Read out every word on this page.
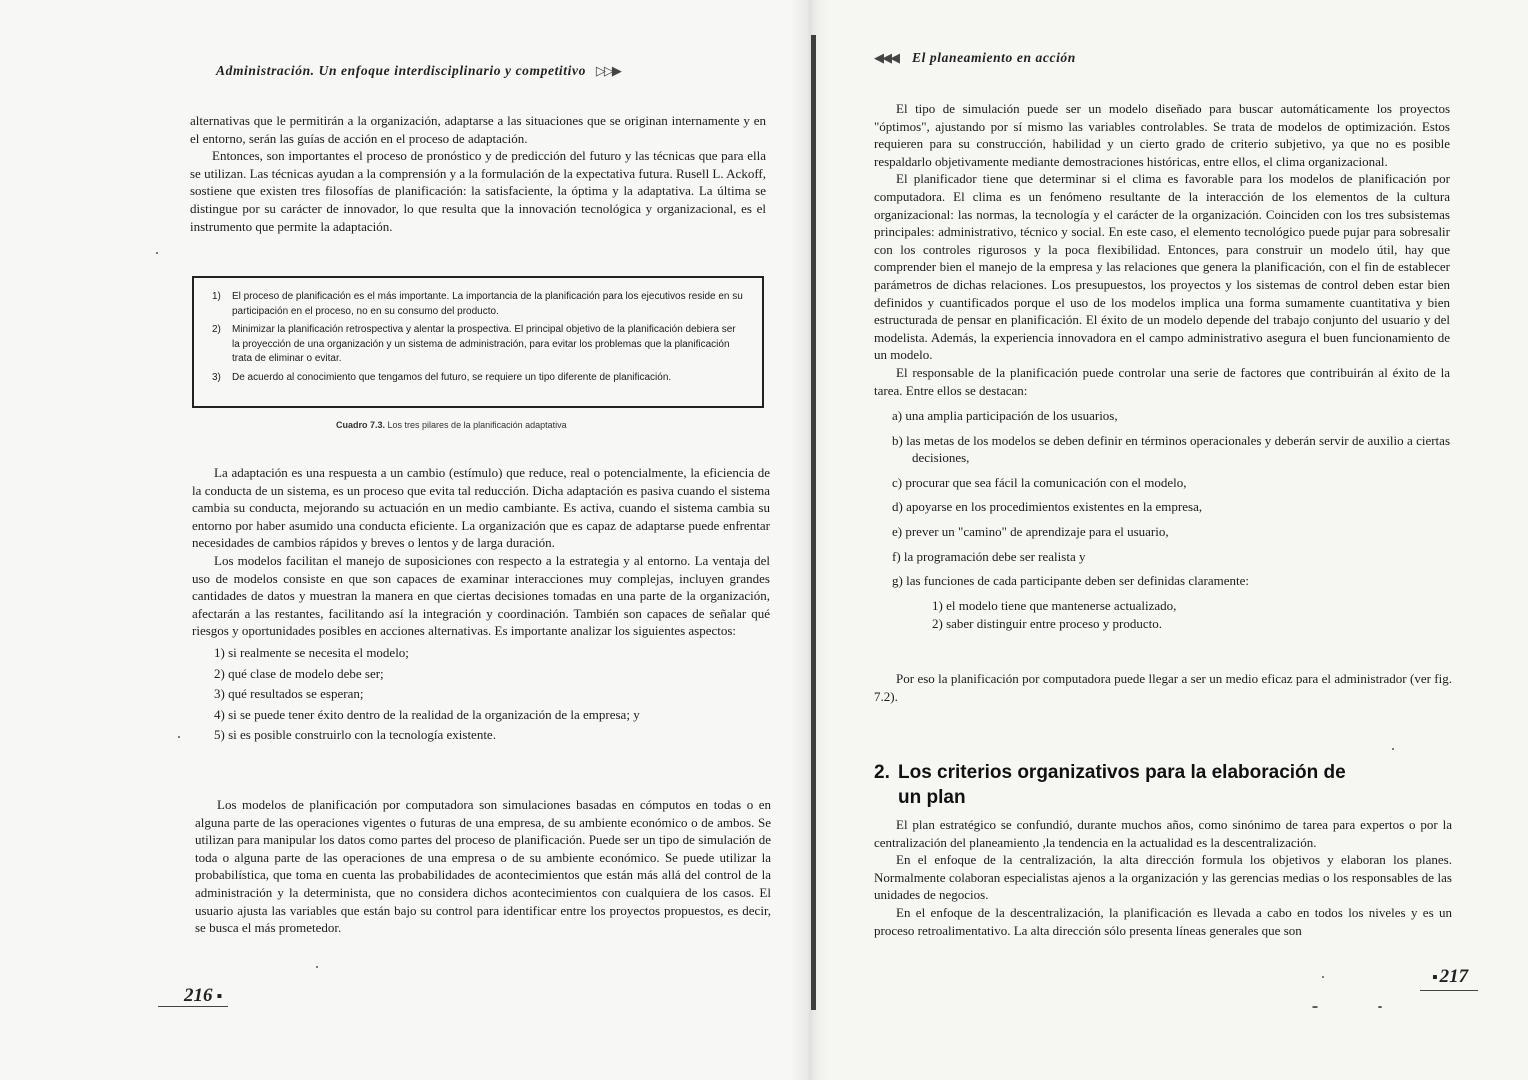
Administración. Un enfoque interdisciplinario y competitivo ▷▷▶

alternativas que le permitirán a la organización, adaptarse a las situaciones que se originan internamente y en el entorno, serán las guías de acción en el proceso de adaptación.

Entonces, son importantes el proceso de pronóstico y de predicción del futuro y las técnicas que para ella se utilizan. Las técnicas ayudan a la comprensión y a la formulación de la expectativa futura. Rusell L. Ackoff, sostiene que existen tres filosofías de planificación: la satisfaciente, la óptima y la adaptativa. La última se distingue por su carácter de innovador, lo que resulta que la innovación tecnológica y organizacional, es el instrumento que permite la adaptación.

1)	El proceso de planificación es el más importante. La importancia de la planificación para los ejecutivos reside en su participación en el proceso, no en su consumo del producto.
2)	Minimizar la planificación retrospectiva y alentar la prospectiva. El principal objetivo de la planificación debiera ser la proyección de una organización y un sistema de administración, para evitar los problemas que la planificación trata de eliminar o evitar.
3)	De acuerdo al conocimiento que tengamos del futuro, se requiere un tipo diferente de planificación.
Cuadro 7.3. Los tres pilares de la planificación adaptativa

La adaptación es una respuesta a un cambio (estímulo) que reduce, real o potencialmente, la eficiencia de la conducta de un sistema, es un proceso que evita tal reducción. Dicha adaptación es pasiva cuando el sistema cambia su conducta, mejorando su actuación en un medio cambiante. Es activa, cuando el sistema cambia su entorno por haber asumido una conducta eficiente. La organización que es capaz de adaptarse puede enfrentar necesidades de cambios rápidos y breves o lentos y de larga duración.

Los modelos facilitan el manejo de suposiciones con respecto a la estrategia y al entorno. La ventaja del uso de modelos consiste en que son capaces de examinar interacciones muy complejas, incluyen grandes cantidades de datos y muestran la manera en que ciertas decisiones tomadas en una parte de la organización, afectarán a las restantes, facilitando así la integración y coordinación. También son capaces de señalar qué riesgos y oportunidades posibles en acciones alternativas. Es importante analizar los siguientes aspectos:

1) si realmente se necesita el modelo;
2) qué clase de modelo debe ser;
3) qué resultados se esperan;
4) si se puede tener éxito dentro de la realidad de la organización de la empresa; y
5) si es posible construirlo con la tecnología existente.

Los modelos de planificación por computadora son simulaciones basadas en cómputos en todas o en alguna parte de las operaciones vigentes o futuras de una empresa, de su ambiente económico o de ambos. Se utilizan para manipular los datos como partes del proceso de planificación. Puede ser un tipo de simulación de toda o alguna parte de las operaciones de una empresa o de su ambiente económico. Se puede utilizar la probabilística, que toma en cuenta las probabilidades de acontecimientos que están más allá del control de la administración y la determinista, que no considera dichos acontecimientos con cualquiera de los casos. El usuario ajusta las variables que están bajo su control para identificar entre los proyectos propuestos, es decir, se busca el más prometedor.

216 ▪
◀◀◀ El planeamiento en acción

El tipo de simulación puede ser un modelo diseñado para buscar automáticamente los proyectos "óptimos", ajustando por sí mismo las variables controlables. Se trata de modelos de optimización. Estos requieren para su construcción, habilidad y un cierto grado de criterio subjetivo, ya que no es posible respaldarlo objetivamente mediante demostraciones históricas, entre ellos, el clima organizacional.

El planificador tiene que determinar si el clima es favorable para los modelos de planificación por computadora. El clima es un fenómeno resultante de la interacción de los elementos de la cultura organizacional: las normas, la tecnología y el carácter de la organización. Coinciden con los tres subsistemas principales: administrativo, técnico y social. En este caso, el elemento tecnológico puede pujar para sobresalir con los controles rigurosos y la poca flexibilidad. Entonces, para construir un modelo útil, hay que comprender bien el manejo de la empresa y las relaciones que genera la planificación, con el fin de establecer parámetros de dichas relaciones. Los presupuestos, los proyectos y los sistemas de control deben estar bien definidos y cuantificados porque el uso de los modelos implica una forma sumamente cuantitativa y bien estructurada de pensar en planificación. El éxito de un modelo depende del trabajo conjunto del usuario y del modelista. Además, la experiencia innovadora en el campo administrativo asegura el buen funcionamiento de un modelo.

El responsable de la planificación puede controlar una serie de factores que contribuirán al éxito de la tarea. Entre ellos se destacan:

a) una amplia participación de los usuarios,
b) las metas de los modelos se deben definir en términos operacionales y deberán servir de auxilio a ciertas decisiones,
c) procurar que sea fácil la comunicación con el modelo,
d) apoyarse en los procedimientos existentes en la empresa,
e) prever un "camino" de aprendizaje para el usuario,
f) la programación debe ser realista y
g) las funciones de cada participante deben ser definidas claramente:
1) el modelo tiene que mantenerse actualizado,
2) saber distinguir entre proceso y producto.

Por eso la planificación por computadora puede llegar a ser un medio eficaz para el administrador (ver fig. 7.2).

2. Los criterios organizativos para la elaboración de
un plan

El plan estratégico se confundió, durante muchos años, como sinónimo de tarea para expertos o por la centralización del planeamiento ,la tendencia en la actualidad es la descentralización.

En el enfoque de la centralización, la alta dirección formula los objetivos y elaboran los planes. Normalmente colaboran especialistas ajenos a la organización y las gerencias medias o los responsables de las unidades de negocios.

En el enfoque de la descentralización, la planificación es llevada a cabo en todos los niveles y es un proceso retroalimentativo. La alta dirección sólo presenta líneas generales que son

▪ 217
